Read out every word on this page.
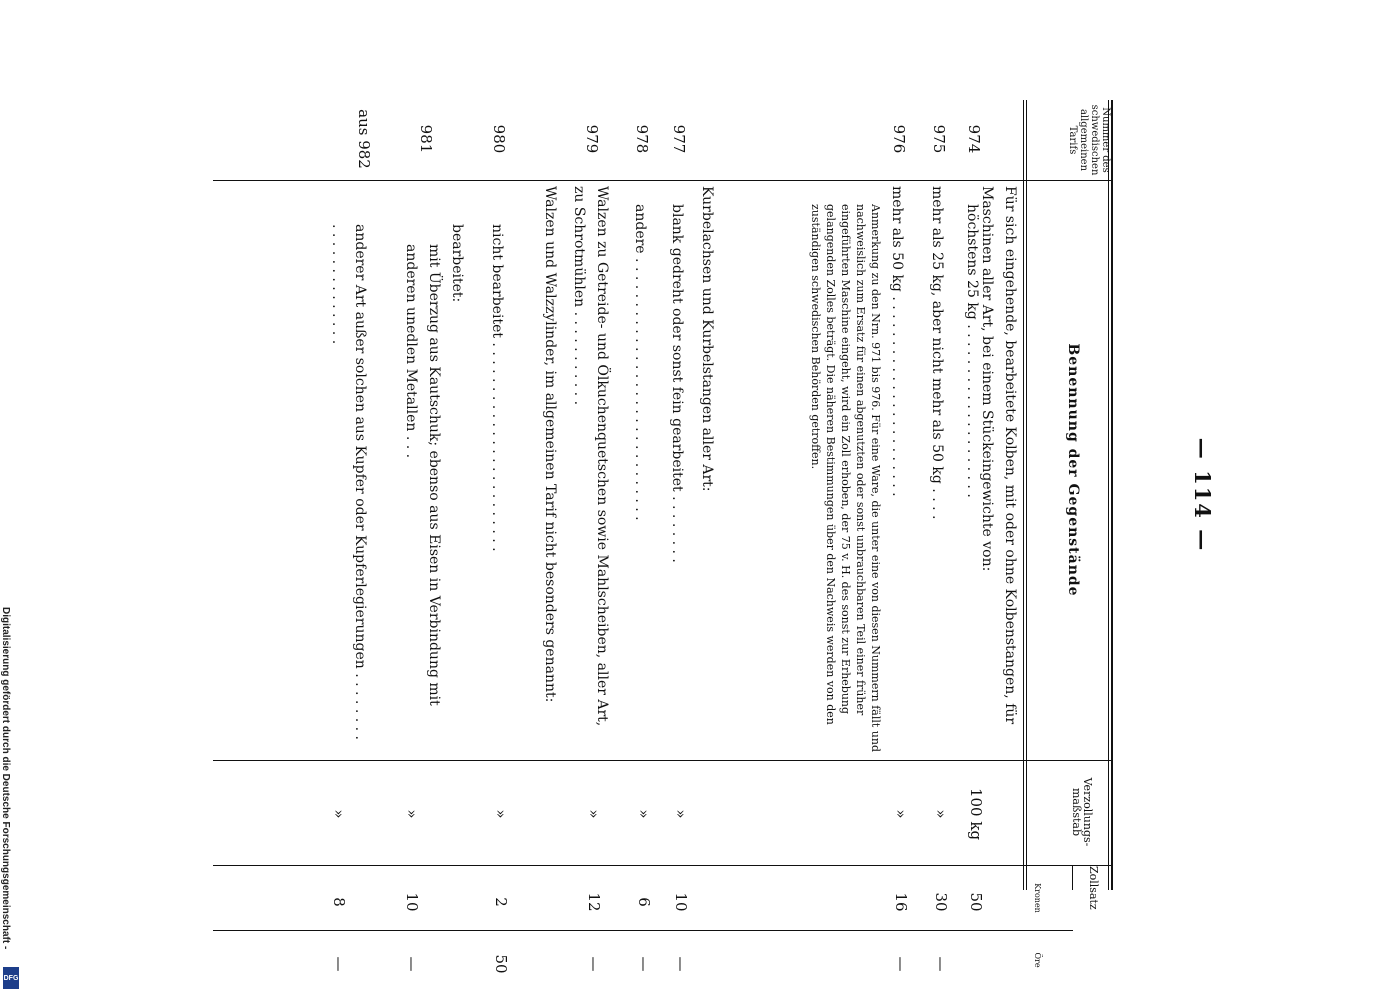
Digitalisierung gefördert durch die Deutsche Forschungsgemeinschaft -
DFG
— 114 —
Nummer des schwedischen allgemeinen Tarifs
Benennung der Gegenstände
Verzollungs-maßstab
Zollsatz
Kronen
Öre
Für sich eingehende, bearbeitete Kolben, mit oder ohne Kolbenstangen, für Maschinen aller Art, bei einem Stückeingewichte von:
974
höchstens 25 kg . . . . . . . . . . . . . . . . . . . .
100 kg
50
975
mehr als 25 kg, aber nicht mehr als 50 kg . . . .
»
30
—
976
mehr als 50 kg . . . . . . . . . . . . . . . . . . . . . . .
»
16
—
Anmerkung zu den Nrn. 971 bis 976. Für eine Ware, die unter eine von diesen Nummern fällt und nachweislich zum Ersatz für einen abgenutzten oder sonst unbrauchbaren Teil einer früher eingeführten Maschine eingeht, wird ein Zoll erhoben, der 75 v. H. des sonst zur Erhebung gelangenden Zolles beträgt. Die näheren Bestimmungen über den Nachweis werden von den zuständigen schwedischen Behörden getroffen.
Kurbelachsen und Kurbelstangen aller Art:
977
blank gedreht oder sonst fein gearbeitet . . . . . . . .
»
10
—
978
andere . . . . . . . . . . . . . . . . . . . . . . . . . . . . . .
»
6
—
979
Walzen zu Getreide- und Ölkuchenquetschen sowie Mahlscheiben, aller Art, zu Schrotmühlen . . . . . . . . . . .
»
12
—
Walzen und Walzzylinder, im allgemeinen Tarif nicht besonders genannt:
980
nicht bearbeitet . . . . . . . . . . . . . . . . . . . . . . . .
»
2
50
bearbeitet:
981
mit Überzug aus Kautschuk; ebenso aus Eisen in Verbindung mit anderen unedlen Metallen . . .
»
10
—
aus 982
anderer Art außer solchen aus Kupfer oder Kupferlegierungen . . . . . . . . . . . . . . . . . . . . . .
»
8
—
